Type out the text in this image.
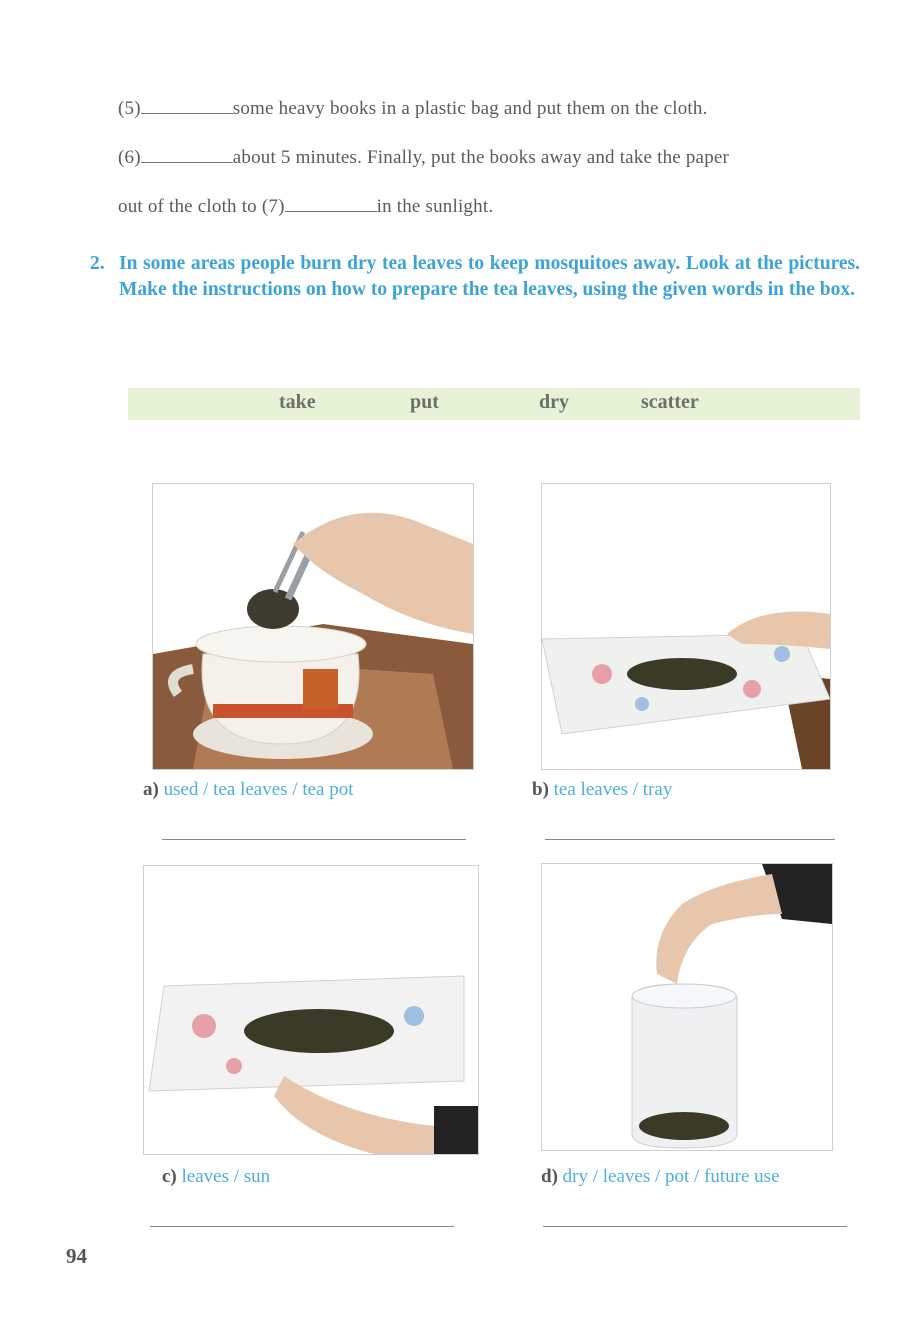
(5)	some heavy books in a plastic bag and put them on the cloth.
(6)	about 5 minutes. Finally, put the books away and take the paper
out of the cloth to (7)	in the sunlight.
2. In some areas people burn dry tea leaves to keep mosquitoes away. Look at the pictures. Make the instructions on how to prepare the tea leaves, using the given words in the box.
take	put	dry	scatter
a) used / tea leaves / tea pot	b) tea leaves / tray
c) leaves / sun	d) dry / leaves / pot / future use
94
